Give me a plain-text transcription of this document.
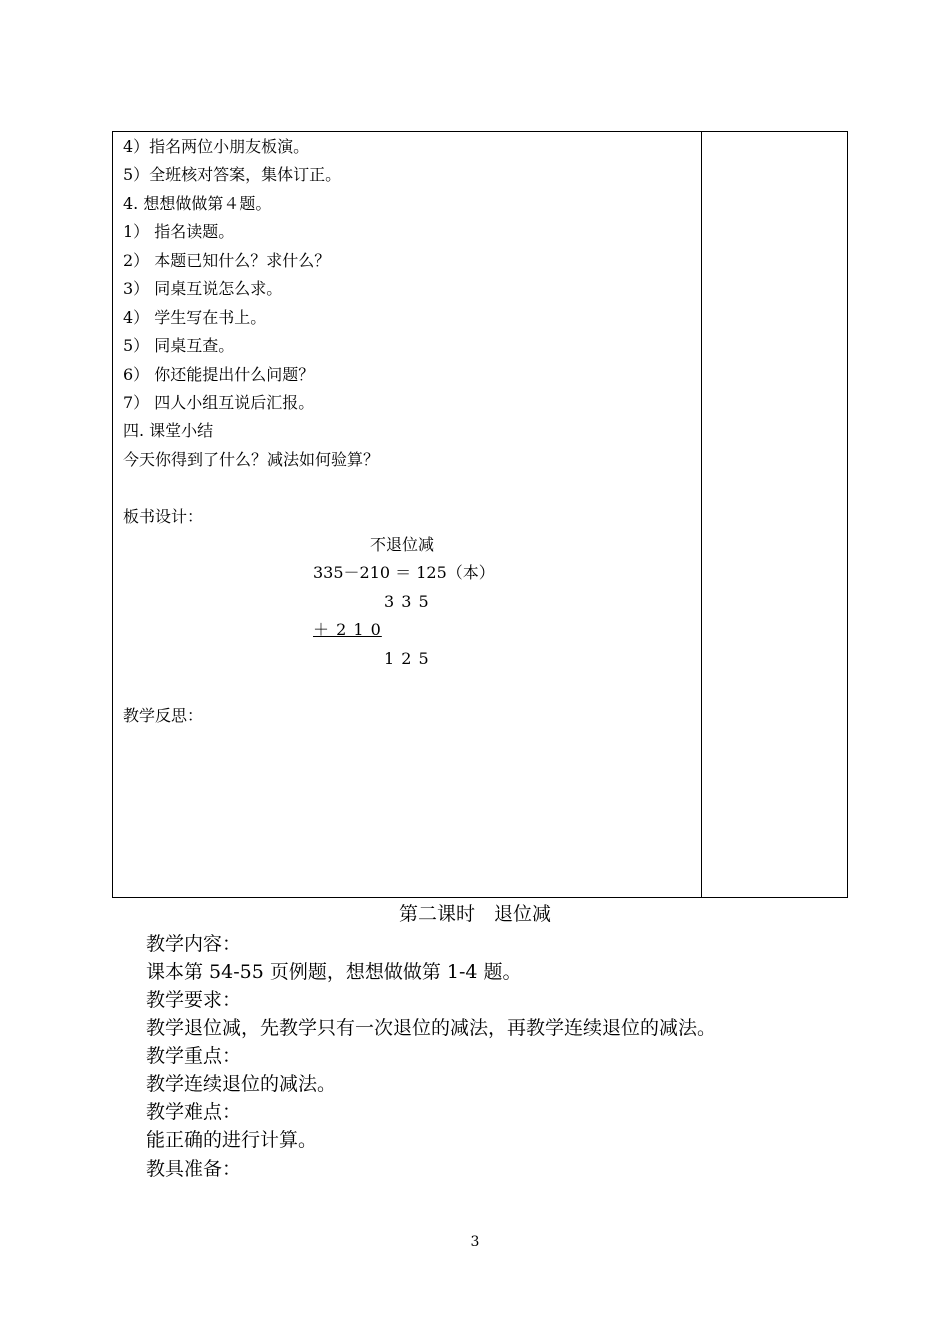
4）指名两位小朋友板演。
5）全班核对答案，集体订正。
4. 想想做做第４题。
1） 指名读题。
2） 本题已知什么？求什么？
3） 同桌互说怎么求。
4） 学生写在书上。
5） 同桌互查。
6） 你还能提出什么问题？
7） 四人小组互说后汇报。
四. 课堂小结
今天你得到了什么？减法如何验算？
板书设计：
不退位减
335－210 ＝ 125（本）
3 3 5
＋ 2 1 0
1 2 5
教学反思：
第二课时　退位减
教学内容：
课本第 54-55 页例题，想想做做第 1-4 题。
教学要求：
教学退位减，先教学只有一次退位的减法，再教学连续退位的减法。
教学重点：
教学连续退位的减法。
教学难点：
能正确的进行计算。
教具准备：
3
